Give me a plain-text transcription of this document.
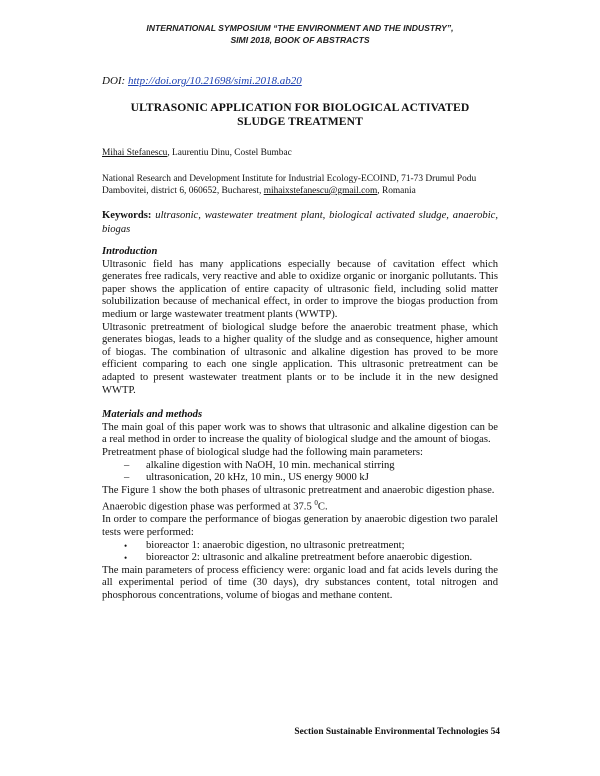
INTERNATIONAL SYMPOSIUM “THE ENVIRONMENT AND THE INDUSTRY”,
SIMI 2018, BOOK OF ABSTRACTS
DOI: http://doi.org/10.21698/simi.2018.ab20
ULTRASONIC APPLICATION FOR BIOLOGICAL ACTIVATED
SLUDGE TREATMENT
Mihai Stefanescu, Laurentiu Dinu, Costel Bumbac
National Research and Development Institute for Industrial Ecology-ECOIND, 71-73 Drumul Podu Dambovitei, district 6, 060652, Bucharest, mihaixstefanescu@gmail.com, Romania
Keywords: ultrasonic, wastewater treatment plant, biological activated sludge, anaerobic, biogas
Introduction

Ultrasonic field has many applications especially because of cavitation effect which generates free radicals, very reactive and able to oxidize organic or inorganic pollutants. This paper shows the application of entire capacity of ultrasonic field, including solid matter solubilization because of mechanical effect, in order to improve the biogas production from medium or large wastewater treatment plants (WWTP).

Ultrasonic pretreatment of biological sludge before the anaerobic treatment phase, which generates biogas, leads to a higher quality of the sludge and as consequence, higher amount of biogas. The combination of ultrasonic and alkaline digestion has proved to be more efficient comparing to each one single application. This ultrasonic pretreatment can be adapted to present wastewater treatment plants or to be include it in the new designed WWTP.

Materials and methods

The main goal of this paper work was to shows that ultrasonic and alkaline digestion can be a real method in order to increase the quality of biological sludge and the amount of biogas.

Pretreatment phase of biological sludge had the following main parameters:

– alkaline digestion with NaOH, 10 min. mechanical stirring
– ultrasonication, 20 kHz, 10 min., US energy 9000 kJ

The Figure 1 show the both phases of ultrasonic pretreatment and anaerobic digestion phase.

Anaerobic digestion phase was performed at 37.5 $^0$C.

In order to compare the performance of biogas generation by anaerobic digestion two paralel tests were performed:

• bioreactor 1: anaerobic digestion, no ultrasonic pretreatment;
• bioreactor 2: ultrasonic and alkaline pretreatment before anaerobic digestion.

The main parameters of process efficiency were: organic load and fat acids levels during the all experimental period of time (30 days), dry substances content, total nitrogen and phosphorous concentrations, volume of biogas and methane content.

Section Sustainable Environmental Technologies 54
